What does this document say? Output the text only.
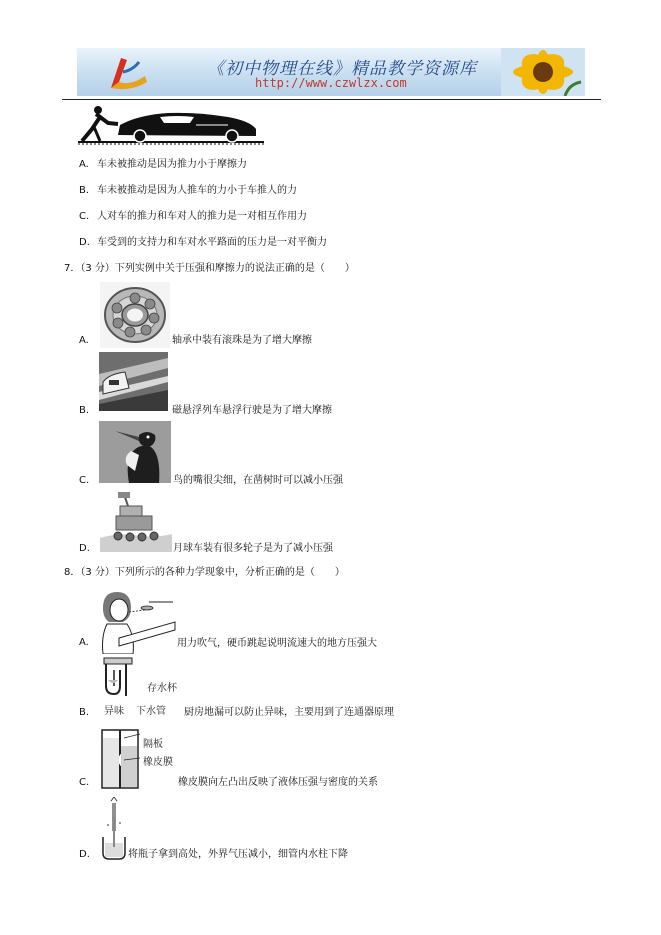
《初中物理在线》精品教学资源库
http://www.czwlzx.com
A. 车未被推动是因为推力小于摩擦力
B. 车未被推动是因为人推车的力小于车推人的力
C. 人对车的推力和车对人的推力是一对相互作用力
D. 车受到的支持力和车对水平路面的压力是一对平衡力
7．（3 分）下列实例中关于压强和摩擦力的说法正确的是（　　）
A.	轴承中装有滚珠是为了增大摩擦
B.	磁悬浮列车悬浮行驶是为了增大摩擦
C.	鸟的嘴很尖细，在凿树时可以减小压强
D.	月球车装有很多轮子是为了减小压强
8．（3 分）下列所示的各种力学现象中，分析正确的是（　　）
A.	用力吹气，硬币跳起说明流速大的地方压强大
存水杯
异味 下水管
B.	厨房地漏可以防止异味，主要用到了连通器原理
隔板
橡皮膜
C.	橡皮膜向左凸出反映了液体压强与密度的关系
D.	将瓶子拿到高处，外界气压减小，细管内水柱下降
